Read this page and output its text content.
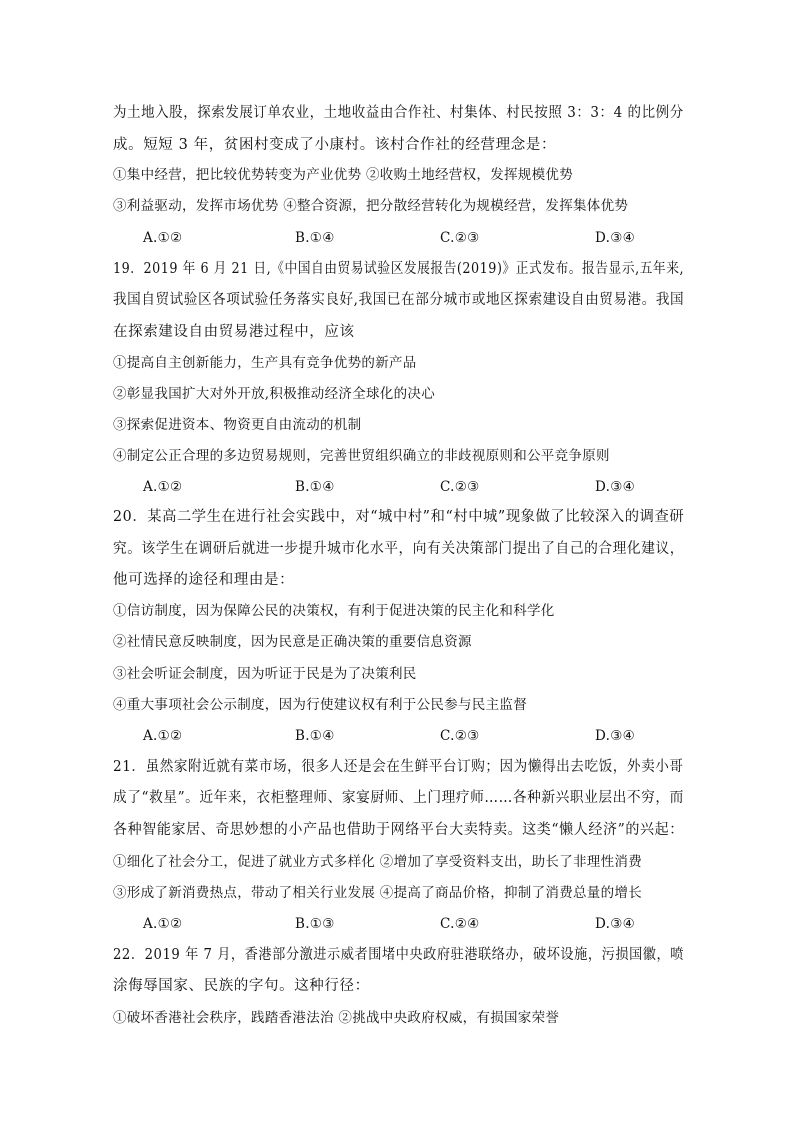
为土地入股，探索发展订单农业，土地收益由合作社、村集体、村民按照 3：3：4 的比例分
成。短短 3 年，贫困村变成了小康村。该村合作社的经营理念是：
①集中经营，把比较优势转变为产业优势 ②收购土地经营权，发挥规模优势
③利益驱动，发挥市场优势 ④整合资源，把分散经营转化为规模经营，发挥集体优势
A.①②	B.①④	C.②③	D.③④
19．2019 年 6 月 21 日,《中国自由贸易试验区发展报告(2019)》正式发布。报告显示,五年来,
我国自贸试验区各项试验任务落实良好,我国已在部分城市或地区探索建设自由贸易港。我国
在探索建设自由贸易港过程中，应该
①提高自主创新能力，生产具有竞争优势的新产品
②彰显我国扩大对外开放,积极推动经济全球化的决心
③探索促进资本、物资更自由流动的机制
④制定公正合理的多边贸易规则，完善世贸组织确立的非歧视原则和公平竞争原则
A.①②	B.①④	C.②③	D.③④
20．某高二学生在进行社会实践中，对“城中村”和“村中城”现象做了比较深入的调查研
究。该学生在调研后就进一步提升城市化水平，向有关决策部门提出了自己的合理化建议，
他可选择的途径和理由是：
①信访制度，因为保障公民的决策权，有利于促进决策的民主化和科学化
②社情民意反映制度，因为民意是正确决策的重要信息资源
③社会听证会制度，因为听证于民是为了决策利民
④重大事项社会公示制度，因为行使建议权有利于公民参与民主监督
A.①②	B.①④	C.②③	D.③④
21．虽然家附近就有菜市场，很多人还是会在生鲜平台订购；因为懒得出去吃饭，外卖小哥
成了“救星”。近年来，衣柜整理师、家宴厨师、上门理疗师……各种新兴职业层出不穷，而
各种智能家居、奇思妙想的小产品也借助于网络平台大卖特卖。这类“懒人经济”的兴起：
①细化了社会分工，促进了就业方式多样化 ②增加了享受资料支出，助长了非理性消费
③形成了新消费热点，带动了相关行业发展 ④提高了商品价格，抑制了消费总量的增长
A.①②	B.①③	C.②④	D.③④
22．2019 年 7 月，香港部分激进示威者围堵中央政府驻港联络办，破坏设施，污损国徽，喷
涂侮辱国家、民族的字句。这种行径：
①破坏香港社会秩序，践踏香港法治 ②挑战中央政府权威，有损国家荣誉
